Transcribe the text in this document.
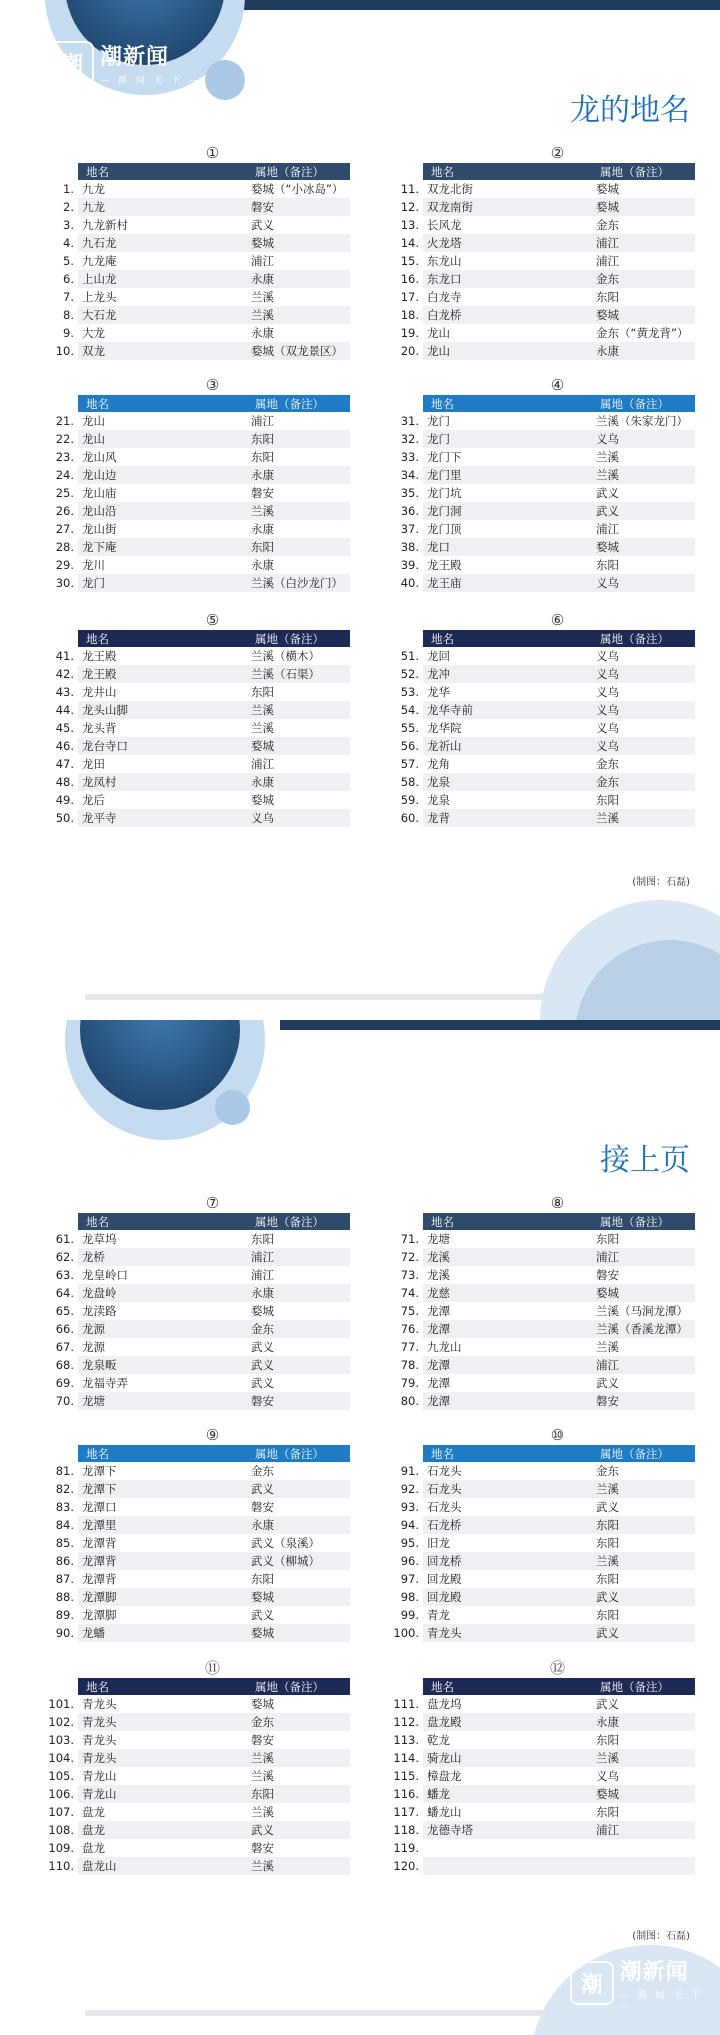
潮 潮新闻
— 潮 闻 天 下 —
龙的地名
(制图：石磊)
接上页
(制图：石磊)
潮 潮新闻
— 潮 闻 天 下 —
①
	地名	属地（备注）
1.	九龙	婺城（“小冰岛”）
2.	九龙	磐安
3.	九龙新村	武义
4.	九石龙	婺城
5.	九龙庵	浦江
6.	上山龙	永康
7.	上龙头	兰溪
8.	大石龙	兰溪
9.	大龙	永康
10.	双龙	婺城（双龙景区）
②
	地名	属地（备注）
11.	双龙北街	婺城
12.	双龙南街	婺城
13.	长风龙	金东
14.	火龙塔	浦江
15.	东龙山	浦江
16.	东龙口	金东
17.	白龙寺	东阳
18.	白龙桥	婺城
19.	龙山	金东（“黄龙背”）
20.	龙山	永康
③
	地名	属地（备注）
21.	龙山	浦江
22.	龙山	东阳
23.	龙山风	东阳
24.	龙山边	永康
25.	龙山庙	磐安
26.	龙山沿	兰溪
27.	龙山街	永康
28.	龙下庵	东阳
29.	龙川	永康
30.	龙门	兰溪（白沙龙门）
④
	地名	属地（备注）
31.	龙门	兰溪（朱家龙门）
32.	龙门	义乌
33.	龙门下	兰溪
34.	龙门里	兰溪
35.	龙门坑	武义
36.	龙门洞	武义
37.	龙门顶	浦江
38.	龙口	婺城
39.	龙王殿	东阳
40.	龙王庙	义乌
⑤
	地名	属地（备注）
41.	龙王殿	兰溪（横木）
42.	龙王殿	兰溪（石渠）
43.	龙井山	东阳
44.	龙头山脚	兰溪
45.	龙头背	兰溪
46.	龙台寺口	婺城
47.	龙田	浦江
48.	龙凤村	永康
49.	龙后	婺城
50.	龙平寺	义乌
⑥
	地名	属地（备注）
51.	龙回	义乌
52.	龙冲	义乌
53.	龙华	义乌
54.	龙华寺前	义乌
55.	龙华院	义乌
56.	龙祈山	义乌
57.	龙角	金东
58.	龙泉	金东
59.	龙泉	东阳
60.	龙背	兰溪
⑦
	地名	属地（备注）
61.	龙草坞	东阳
62.	龙桥	浦江
63.	龙皇岭口	浦江
64.	龙盘岭	永康
65.	龙渎路	婺城
66.	龙源	金东
67.	龙源	武义
68.	龙泉畈	武义
69.	龙福寺弄	武义
70.	龙塘	磐安
⑧
	地名	属地（备注）
71.	龙塘	东阳
72.	龙溪	浦江
73.	龙溪	磐安
74.	龙慈	婺城
75.	龙潭	兰溪（马涧龙潭）
76.	龙潭	兰溪（香溪龙潭）
77.	九龙山	兰溪
78.	龙潭	浦江
79.	龙潭	武义
80.	龙潭	磐安
⑨
	地名	属地（备注）
81.	龙潭下	金东
82.	龙潭下	武义
83.	龙潭口	磐安
84.	龙潭里	永康
85.	龙潭背	武义（泉溪）
86.	龙潭背	武义（柳城）
87.	龙潭背	东阳
88.	龙潭脚	婺城
89.	龙潭脚	武义
90.	龙蟠	婺城
⑩
	地名	属地（备注）
91.	石龙头	金东
92.	石龙头	兰溪
93.	石龙头	武义
94.	石龙桥	东阳
95.	旧龙	东阳
96.	回龙桥	兰溪
97.	回龙殿	东阳
98.	回龙殿	武义
99.	青龙	东阳
100.	青龙头	武义
⑪
	地名	属地（备注）
101.	青龙头	婺城
102.	青龙头	金东
103.	青龙头	磐安
104.	青龙头	兰溪
105.	青龙山	兰溪
106.	青龙山	东阳
107.	盘龙	兰溪
108.	盘龙	武义
109.	盘龙	磐安
110.	盘龙山	兰溪
⑫
	地名	属地（备注）
111.	盘龙坞	武义
112.	盘龙殿	永康
113.	乾龙	东阳
114.	骑龙山	兰溪
115.	樟盘龙	义乌
116.	蟠龙	婺城
117.	蟠龙山	东阳
118.	龙德寺塔	浦江
119.		
120.		
